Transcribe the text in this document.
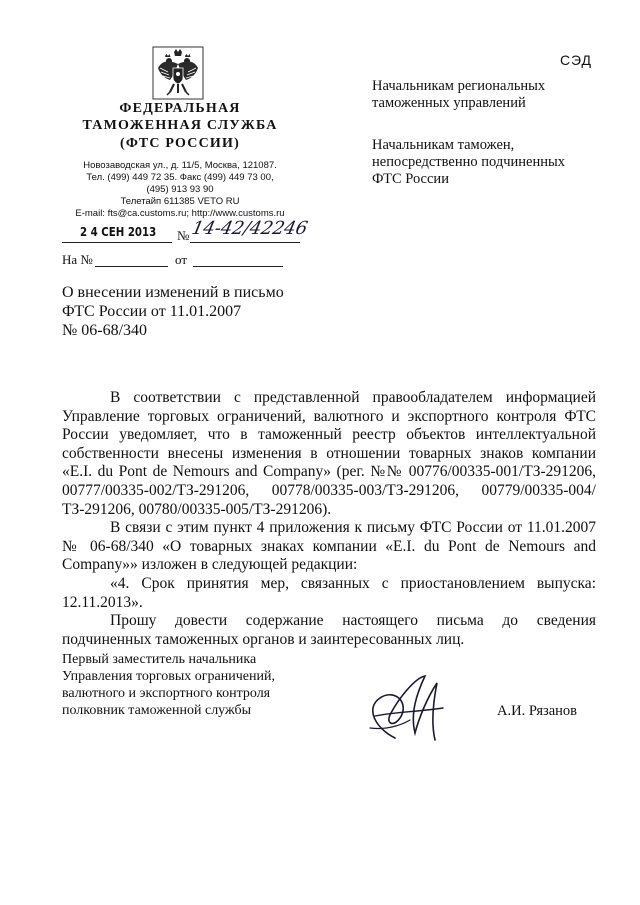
ФЕДЕРАЛЬНАЯ
ТАМОЖЕННАЯ СЛУЖБА
(ФТС РОССИИ)
Новозаводская ул., д. 11/5, Москва, 121087.
Тел. (499) 449 72 35. Факс (499) 449 73 00,
(495) 913 93 90
Телетайп 611385 VETO RU
E-mail: fts@ca.customs.ru; http://www.customs.ru
2 4 СЕН 2013 № 14-42/42246
На №	от
О внесении изменений в письмо
ФТС России от 11.01.2007
№ 06-68/340
СЭД
Начальникам региональных
таможенных управлений
Начальникам таможен,
непосредственно подчиненных
ФТС России

В соответствии с представленной правообладателем информацией Управление торговых ограничений, валютного и экспортного контроля ФТС России уведомляет, что в таможенный реестр объектов интеллектуальной собственности внесены изменения в отношении товарных знаков компании «E.I. du Pont de Nemours and Company» (рег. №№ 00776/00335-001/ТЗ-291206, 00777/00335-002/ТЗ-291206, 00778/00335-003/ТЗ-291206, 00779/00335-004/ТЗ-291206, 00780/00335-005/ТЗ-291206).

В связи с этим пункт 4 приложения к письму ФТС России от 11.01.2007 № 06-68/340 «О товарных знаках компании «E.I. du Pont de Nemours and Company»» изложен в следующей редакции:

«4. Срок принятия мер, связанных с приостановлением выпуска: 12.11.2013».

Прошу довести содержание настоящего письма до сведения подчиненных таможенных органов и заинтересованных лиц.

Первый заместитель начальника
Управления торговых ограничений,
валютного и экспортного контроля
полковник таможенной службы	А.И. Рязанов
